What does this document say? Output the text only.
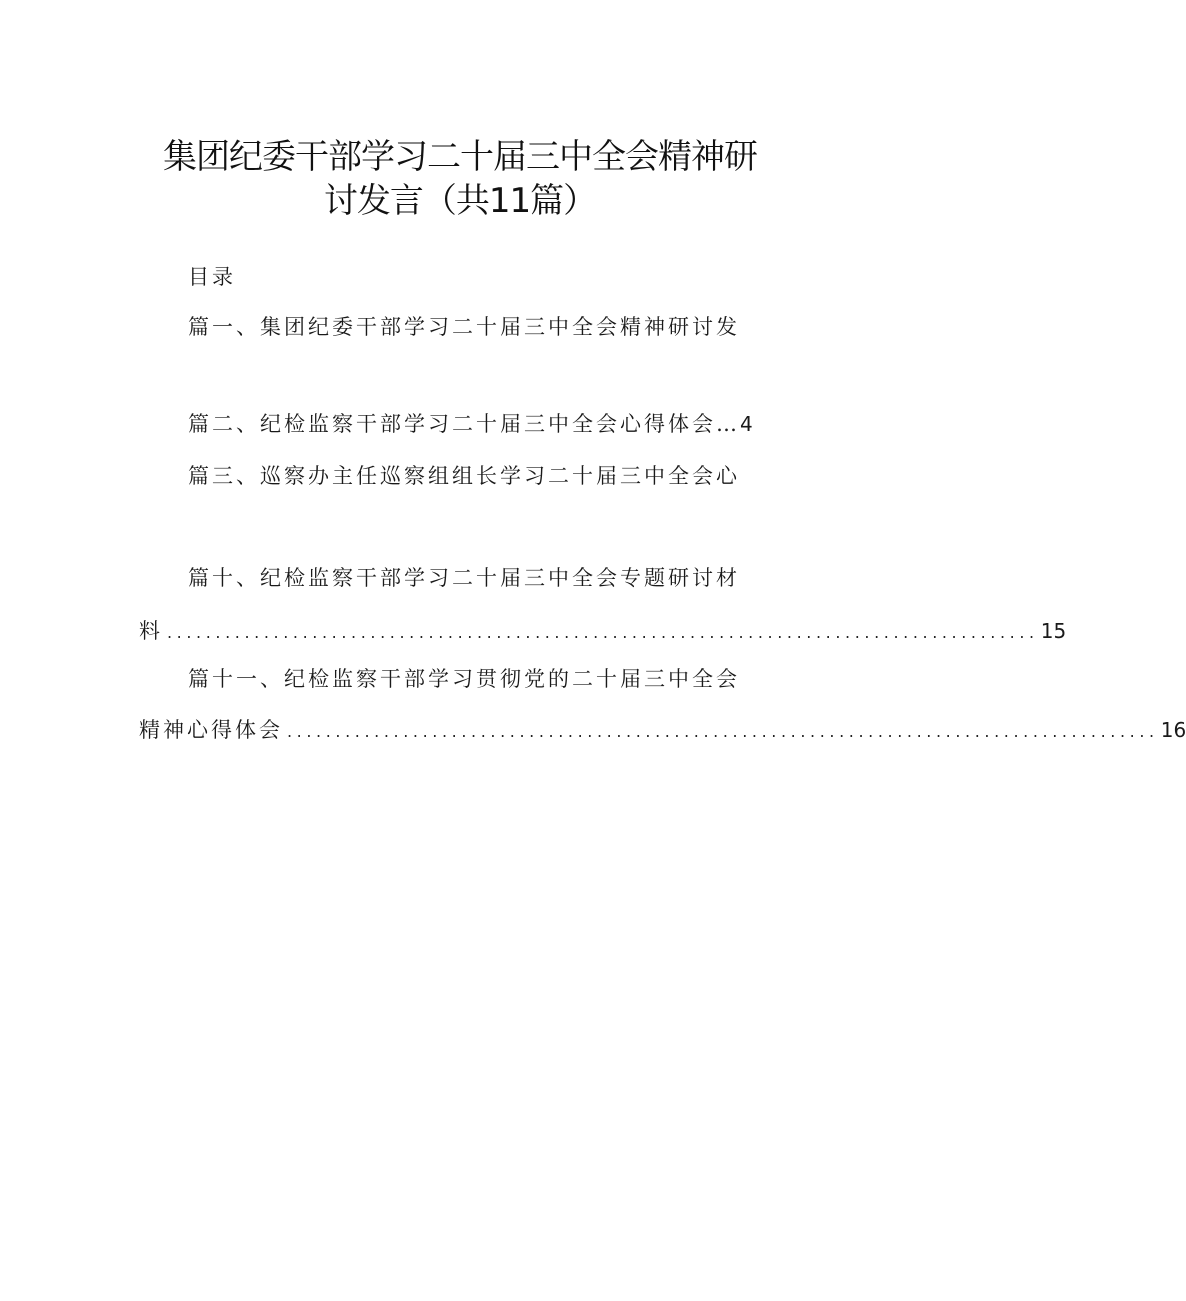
集团纪委干部学习二十届三中全会精神研
讨发言（共11篇）
目录
篇一、集团纪委干部学习二十届三中全会精神研讨发
篇二、纪检监察干部学习二十届三中全会心得体会…4
篇三、巡察办主任巡察组组长学习二十届三中全会心
篇十、纪检监察干部学习二十届三中全会专题研讨材
料 .......................................................................................... 15
篇十一、纪检监察干部学习贯彻党的二十届三中全会
精神心得体会 .......................................................................................... 16
